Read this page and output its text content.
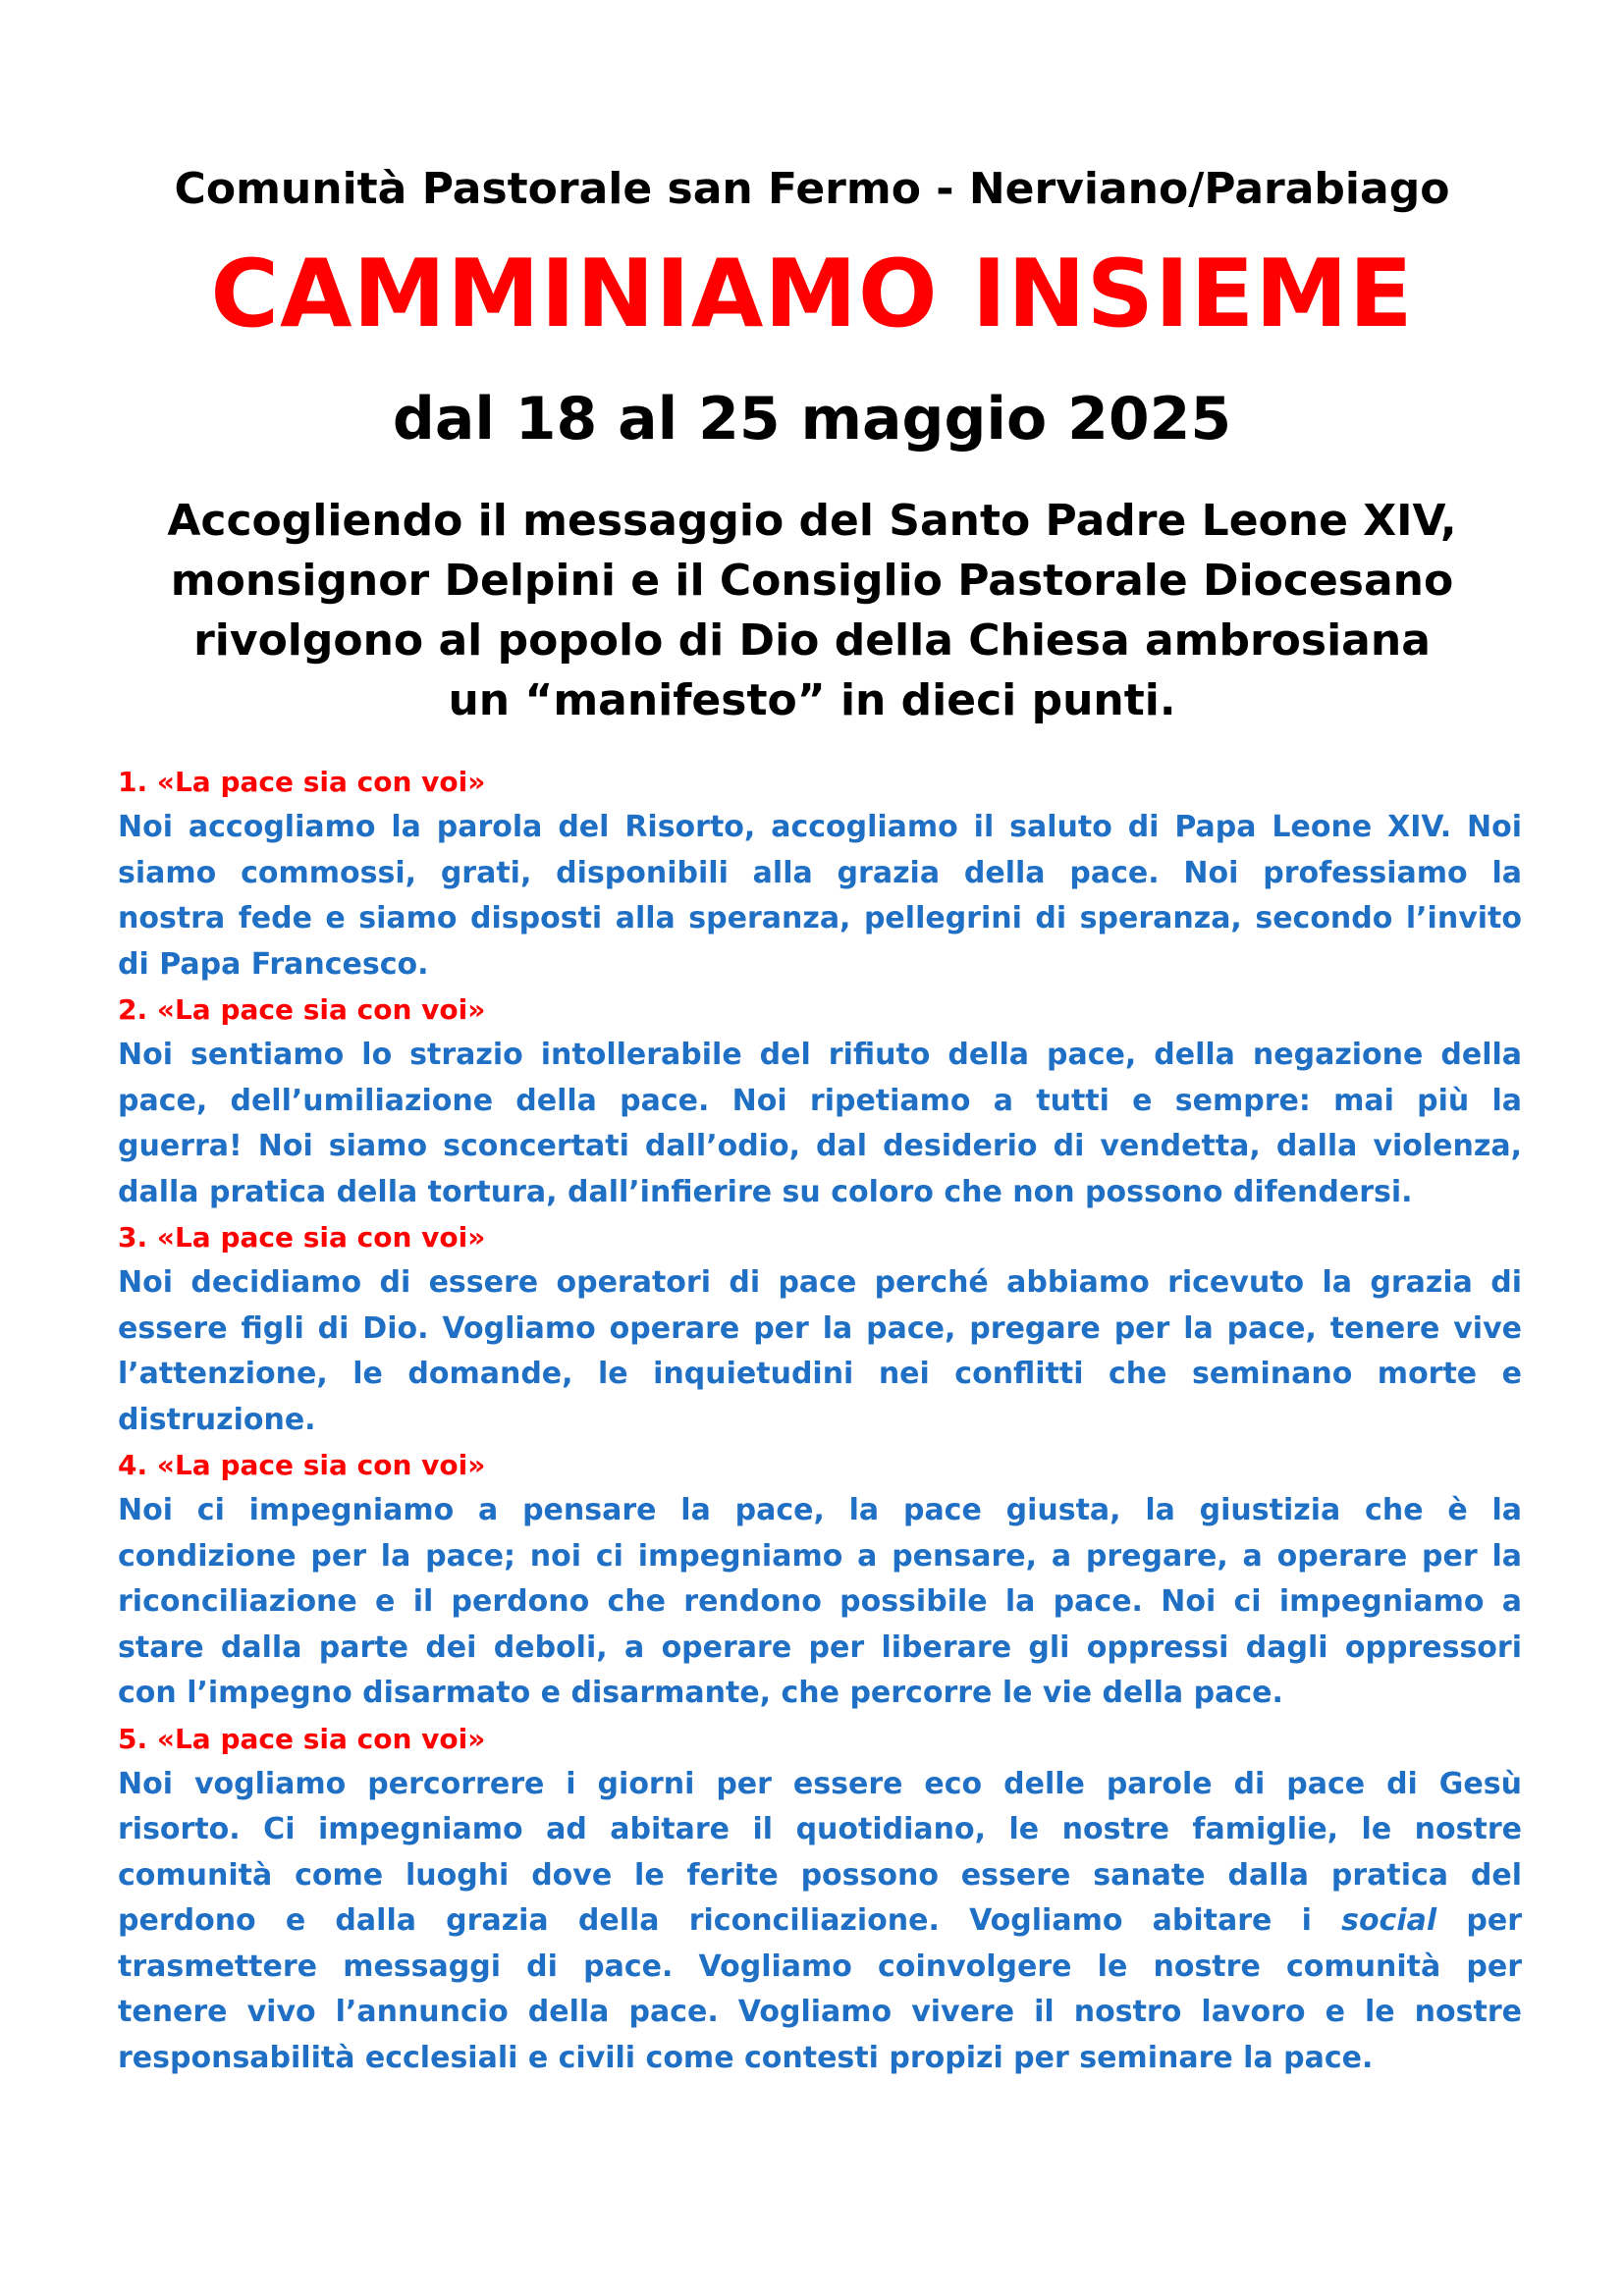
Comunità Pastorale san Fermo - Nerviano/Parabiago
CAMMINIAMO INSIEME
dal 18 al 25 maggio 2025

Accogliendo il messaggio del Santo Padre Leone XIV,
monsignor Delpini e il Consiglio Pastorale Diocesano
rivolgono al popolo di Dio della Chiesa ambrosiana
un “manifesto” in dieci punti.

1. «La pace sia con voi»

Noi accogliamo la parola del Risorto, accogliamo il saluto di Papa Leone XIV. Noi
siamo commossi, grati, disponibili alla grazia della pace. Noi professiamo la
nostra fede e siamo disposti alla speranza, pellegrini di speranza, secondo l’invito
di Papa Francesco.

2. «La pace sia con voi»

Noi sentiamo lo strazio intollerabile del rifiuto della pace, della negazione della
pace, dell’umiliazione della pace. Noi ripetiamo a tutti e sempre: mai più la
guerra! Noi siamo sconcertati dall’odio, dal desiderio di vendetta, dalla violenza,
dalla pratica della tortura, dall’infierire su coloro che non possono difendersi.

3. «La pace sia con voi»

Noi decidiamo di essere operatori di pace perché abbiamo ricevuto la grazia di
essere figli di Dio. Vogliamo operare per la pace, pregare per la pace, tenere vive
l’attenzione, le domande, le inquietudini nei conflitti che seminano morte e
distruzione.

4. «La pace sia con voi»

Noi ci impegniamo a pensare la pace, la pace giusta, la giustizia che è la
condizione per la pace; noi ci impegniamo a pensare, a pregare, a operare per la
riconciliazione e il perdono che rendono possibile la pace. Noi ci impegniamo a
stare dalla parte dei deboli, a operare per liberare gli oppressi dagli oppressori
con l’impegno disarmato e disarmante, che percorre le vie della pace.

5. «La pace sia con voi»

Noi vogliamo percorrere i giorni per essere eco delle parole di pace di Gesù
risorto. Ci impegniamo ad abitare il quotidiano, le nostre famiglie, le nostre
comunità come luoghi dove le ferite possono essere sanate dalla pratica del
perdono e dalla grazia della riconciliazione. Vogliamo abitare i social per
trasmettere messaggi di pace. Vogliamo coinvolgere le nostre comunità per
tenere vivo l’annuncio della pace. Vogliamo vivere il nostro lavoro e le nostre
responsabilità ecclesiali e civili come contesti propizi per seminare la pace.
